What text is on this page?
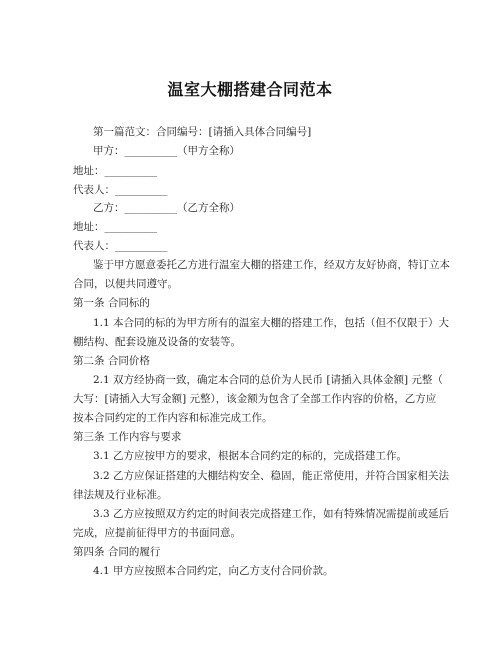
温室大棚搭建合同范本
第一篇范文：合同编号：[请插入具体合同编号]
甲方：__________（甲方全称）
地址：__________
代表人：__________
乙方：__________（乙方全称）
地址：__________
代表人：__________
鉴于甲方愿意委托乙方进行温室大棚的搭建工作，经双方友好协商，特订立本
合同，以便共同遵守。
第一条 合同标的
1.1 本合同的标的为甲方所有的温室大棚的搭建工作，包括（但不仅限于）大
棚结构、配套设施及设备的安装等。
第二条 合同价格
2.1 双方经协商一致，确定本合同的总价为人民币 [请插入具体金额] 元整（
大写：[请插入大写金额] 元整），该金额为包含了全部工作内容的价格，乙方应
按本合同约定的工作内容和标准完成工作。
第三条 工作内容与要求
3.1 乙方应按甲方的要求，根据本合同约定的标的，完成搭建工作。
3.2 乙方应保证搭建的大棚结构安全、稳固，能正常使用，并符合国家相关法
律法规及行业标准。
3.3 乙方应按照双方约定的时间表完成搭建工作，如有特殊情况需提前或延后
完成，应提前征得甲方的书面同意。
第四条 合同的履行
4.1 甲方应按照本合同约定，向乙方支付合同价款。
